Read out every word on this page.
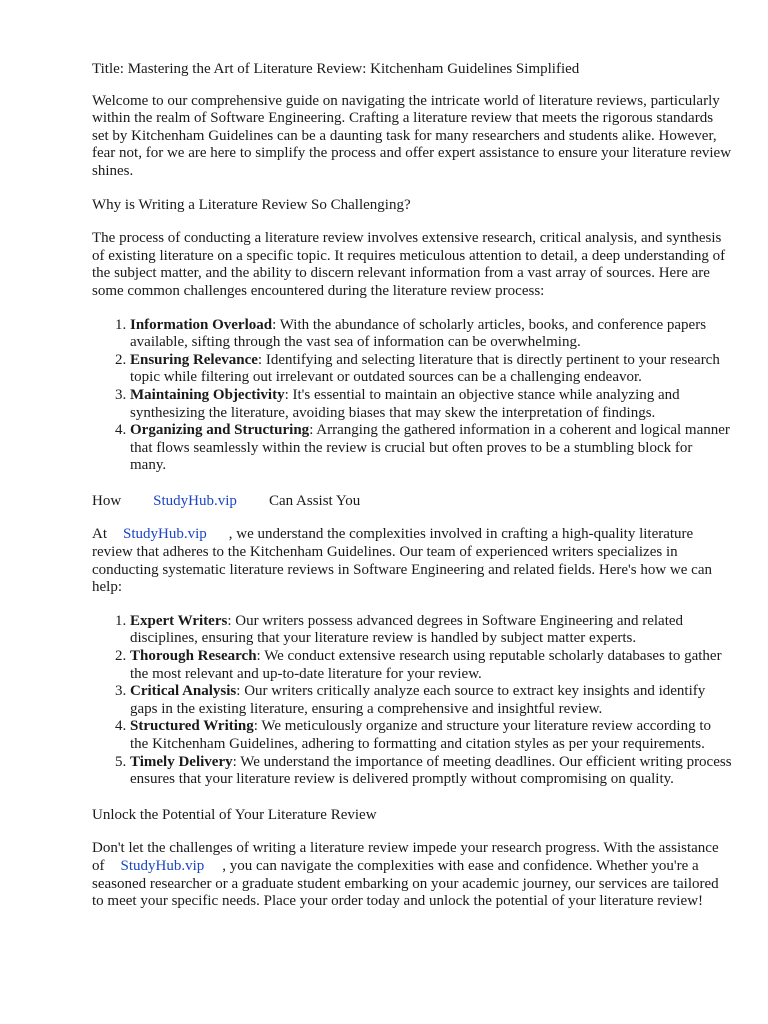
Title: Mastering the Art of Literature Review: Kitchenham Guidelines Simplified

Welcome to our comprehensive guide on navigating the intricate world of literature reviews, particularly within the realm of Software Engineering. Crafting a literature review that meets the rigorous standards set by Kitchenham Guidelines can be a daunting task for many researchers and students alike. However, fear not, for we are here to simplify the process and offer expert assistance to ensure your literature review shines.

Why is Writing a Literature Review So Challenging?

The process of conducting a literature review involves extensive research, critical analysis, and synthesis of existing literature on a specific topic. It requires meticulous attention to detail, a deep understanding of the subject matter, and the ability to discern relevant information from a vast array of sources. Here are some common challenges encountered during the literature review process:

1. Information Overload: With the abundance of scholarly articles, books, and conference papers available, sifting through the vast sea of information can be overwhelming.
2. Ensuring Relevance: Identifying and selecting literature that is directly pertinent to your research topic while filtering out irrelevant or outdated sources can be a challenging endeavor.
3. Maintaining Objectivity: It's essential to maintain an objective stance while analyzing and synthesizing the literature, avoiding biases that may skew the interpretation of findings.
4. Organizing and Structuring: Arranging the gathered information in a coherent and logical manner that flows seamlessly within the review is crucial but often proves to be a stumbling block for many.

How StudyHub.vip Can Assist You

At StudyHub.vip , we understand the complexities involved in crafting a high-quality literature review that adheres to the Kitchenham Guidelines. Our team of experienced writers specializes in conducting systematic literature reviews in Software Engineering and related fields. Here's how we can help:

1. Expert Writers: Our writers possess advanced degrees in Software Engineering and related disciplines, ensuring that your literature review is handled by subject matter experts.
2. Thorough Research: We conduct extensive research using reputable scholarly databases to gather the most relevant and up-to-date literature for your review.
3. Critical Analysis: Our writers critically analyze each source to extract key insights and identify gaps in the existing literature, ensuring a comprehensive and insightful review.
4. Structured Writing: We meticulously organize and structure your literature review according to the Kitchenham Guidelines, adhering to formatting and citation styles as per your requirements.
5. Timely Delivery: We understand the importance of meeting deadlines. Our efficient writing process ensures that your literature review is delivered promptly without compromising on quality.

Unlock the Potential of Your Literature Review

Don't let the challenges of writing a literature review impede your research progress. With the assistance of StudyHub.vip , you can navigate the complexities with ease and confidence. Whether you're a seasoned researcher or a graduate student embarking on your academic journey, our services are tailored to meet your specific needs. Place your order today and unlock the potential of your literature review!
